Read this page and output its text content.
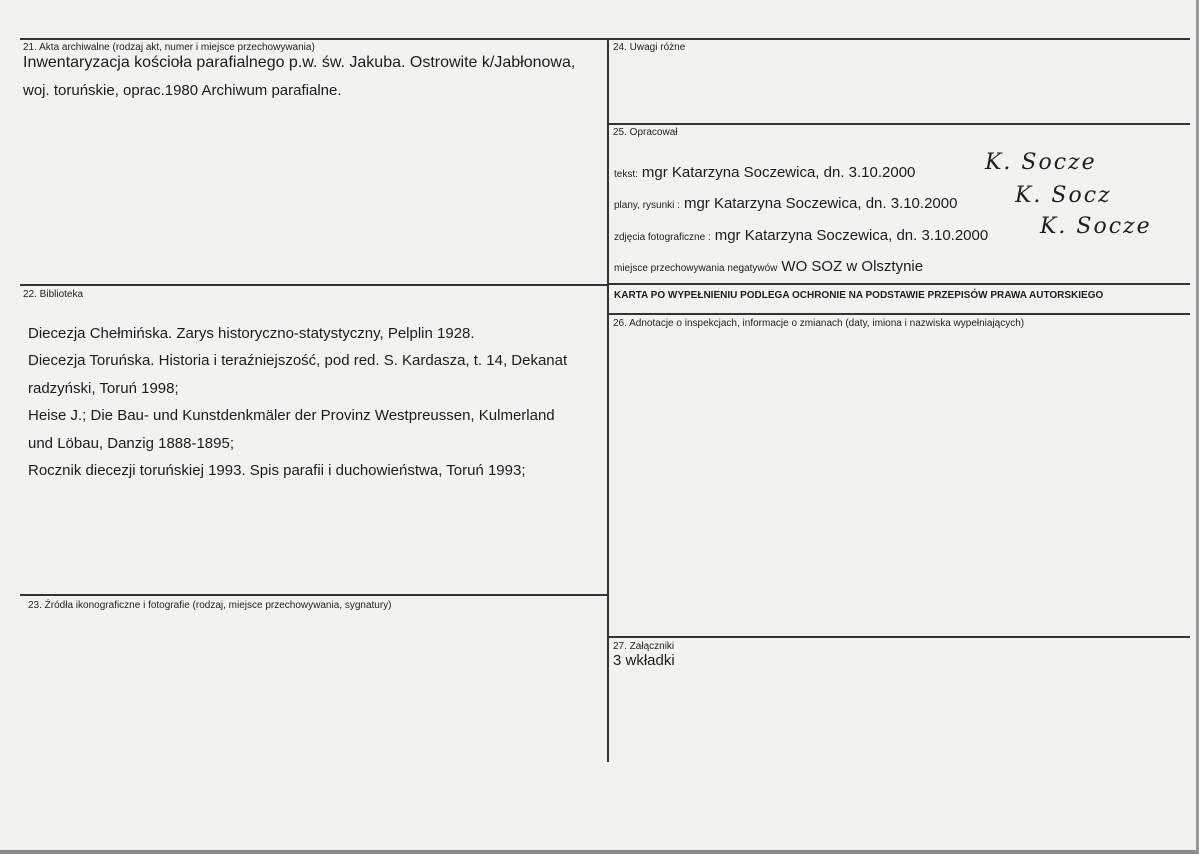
21. Akta archiwalne (rodzaj akt, numer i miejsce przechowywania)
Inwentaryzacja kościoła parafialnego p.w. św. Jakuba. Ostrowite k/Jabłonowa,
woj. toruńskie, oprac.1980 Archiwum parafialne.
22. Biblioteka
Diecezja Chełmińska. Zarys historyczno-statystyczny, Pelplin 1928.
Diecezja Toruńska. Historia i teraźniejszość, pod red. S. Kardasza, t. 14, Dekanat
radzyński, Toruń 1998;
Heise J.; Die Bau- und Kunstdenkmäler der Provinz Westpreussen, Kulmerland
und Löbau, Danzig 1888-1895;
Rocznik diecezji toruńskiej 1993. Spis parafii i duchowieństwa, Toruń 1993;
23. Źródła ikonograficzne i fotografie (rodzaj, miejsce przechowywania, sygnatury)
24. Uwagi różne
25. Opracował
tekst: mgr Katarzyna Soczewica, dn. 3.10.2000	K. Socze
plany, rysunki : mgr Katarzyna Soczewica, dn. 3.10.2000	K. Socz
zdjęcia fotograficzne : mgr Katarzyna Soczewica, dn. 3.10.2000 K. Socze
miejsce przechowywania negatywów WO SOZ w Olsztynie
KARTA PO WYPEŁNIENIU PODLEGA OCHRONIE NA PODSTAWIE PRZEPISÓW PRAWA AUTORSKIEGO
26. Adnotacje o inspekcjach, informacje o zmianach (daty, imiona i nazwiska wypełniających)
27. Załączniki
3 wkładki
